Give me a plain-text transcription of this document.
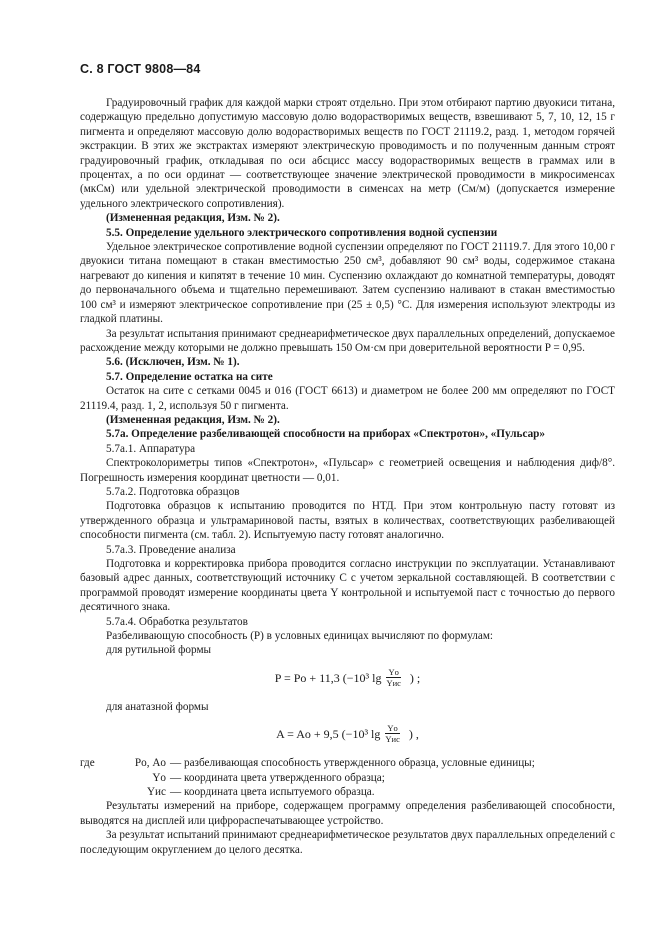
С. 8 ГОСТ 9808—84

Градуировочный график для каждой марки строят отдельно. При этом отбирают партию двуокиси титана, содержащую предельно допустимую массовую долю водорастворимых веществ, взвешивают 5, 7, 10, 12, 15 г пигмента и определяют массовую долю водорастворимых веществ по ГОСТ 21119.2, разд. 1, методом горячей экстракции. В этих же экстрактах измеряют электрическую проводимость и по полученным данным строят градуировочный график, откладывая по оси абсцисс массу водорастворимых веществ в граммах или в процентах, а по оси ординат — соответствующее значение электрической проводимости в микросименсах (мкСм) или удельной электрической проводимости в сименсах на метр (См/м) (допускается измерение удельного электрического сопротивления).

(Измененная редакция, Изм. № 2).

5.5. Определение удельного электрического сопротивления водной суспензии

Удельное электрическое сопротивление водной суспензии определяют по ГОСТ 21119.7. Для этого 10,00 г двуокиси титана помещают в стакан вместимостью 250 см³, добавляют 90 см³ воды, содержимое стакана нагревают до кипения и кипятят в течение 10 мин. Суспензию охлаждают до комнатной температуры, доводят до первоначального объема и тщательно перемешивают. Затем суспензию наливают в стакан вместимостью 100 см³ и измеряют электрическое сопротивление при (25 ± 0,5) °С. Для измерения используют электроды из гладкой платины.

За результат испытания принимают среднеарифметическое двух параллельных определений, допускаемое расхождение между которыми не должно превышать 150 Ом·см при доверительной вероятности P = 0,95.

5.6. (Исключен, Изм. № 1).

5.7. Определение остатка на сите

Остаток на сите с сетками 0045 и 016 (ГОСТ 6613) и диаметром не более 200 мм определяют по ГОСТ 21119.4, разд. 1, 2, используя 50 г пигмента.

(Измененная редакция, Изм. № 2).

5.7а. Определение разбеливающей способности на приборах «Спектротон», «Пульсар»

5.7а.1. Аппаратура

Спектроколориметры типов «Спектротон», «Пульсар» с геометрией освещения и наблюдения диф/8°. Погрешность измерения координат цветности — 0,01.

5.7а.2. Подготовка образцов

Подготовка образцов к испытанию проводится по НТД. При этом контрольную пасту готовят из утвержденного образца и ультрамариновой пасты, взятых в количествах, соответствующих разбеливающей способности пигмента (см. табл. 2). Испытуемую пасту готовят аналогично.

5.7а.3. Проведение анализа

Подготовка и корректировка прибора проводится согласно инструкции по эксплуатации. Устанавливают базовый адрес данных, соответствующий источнику С с учетом зеркальной составляющей. В соответствии с программой проводят измерение координаты цвета Y контрольной и испытуемой паст с точностью до первого десятичного знака.

5.7а.4. Обработка результатов

Разбеливающую способность (Р) в условных единицах вычисляют по формулам:

для рутильной формы

P = Pо + 11,3 (−10³ $\lg \frac{Yо}{\text{Yис}}$ ) ;

для анатазной формы

A = Aо + 9,5 (−10³ $\lg \frac{Yо}{\text{Yис}}$ ) ,
где	Pо, Aо — разбеливающая способность утвержденного образца, условные единицы;
Yо — координата цвета утвержденного образца;
Yис — координата цвета испытуемого образца.

Результаты измерений на приборе, содержащем программу определения разбеливающей способности, выводятся на дисплей или цифрораспечатывающее устройство.

За результат испытаний принимают среднеарифметическое результатов двух параллельных определений с последующим округлением до целого десятка.
